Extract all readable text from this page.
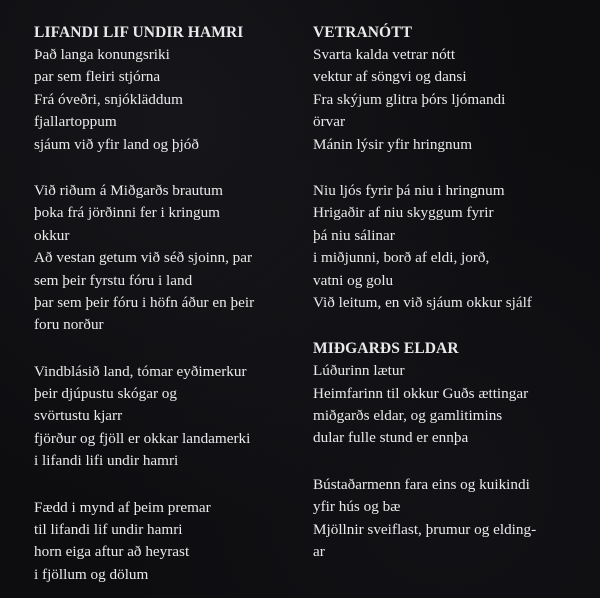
LIFANDI LIF UNDIR HAMRI
Það langa konungsriki
par sem fleiri stjórna
Frá óveðri, snjókläddum
fjallartoppum
sjáum við yfir land og þjóð
Við riðum á Miðgarðs brautum
þoka frá jörðinni fer i kringum
okkur
Að vestan getum við séð sjoinn, par
sem þeir fyrstu fóru i land
þar sem þeir fóru i höfn áður en þeir
foru norður
Vindblásið land, tómar eyðimerkur
þeir djúpustu skógar og
svörtustu kjarr
fjörður og fjöll er okkar landamerki
i lifandi lifi undir hamri
Fædd i mynd af þeim premar
til lifandi lif undir hamri
horn eiga aftur að heyrast
i fjöllum og dölum
VETRANÓTT
Svarta kalda vetrar nótt
vektur af söngvi og dansi
Fra skýjum glitra þórs ljómandi
örvar
Mánin lýsir yfir hringnum
Niu ljós fyrir þá niu i hringnum
Hrigaðir af niu skyggum fyrir
þá niu sálinar
i miðjunni, borð af eldi, jorð,
vatni og golu
Við leitum, en við sjáum okkur sjálf
MIÐGARÐS ELDAR
Lúðurinn lætur
Heimfarinn til okkur Guðs ættingar
miðgarðs eldar, og gamlitimins
dular fulle stund er ennþa
Bústaðarmenn fara eins og kuikindi
yfir hús og bæ
Mjöllnir sveiflast, þrumur og elding-
ar
